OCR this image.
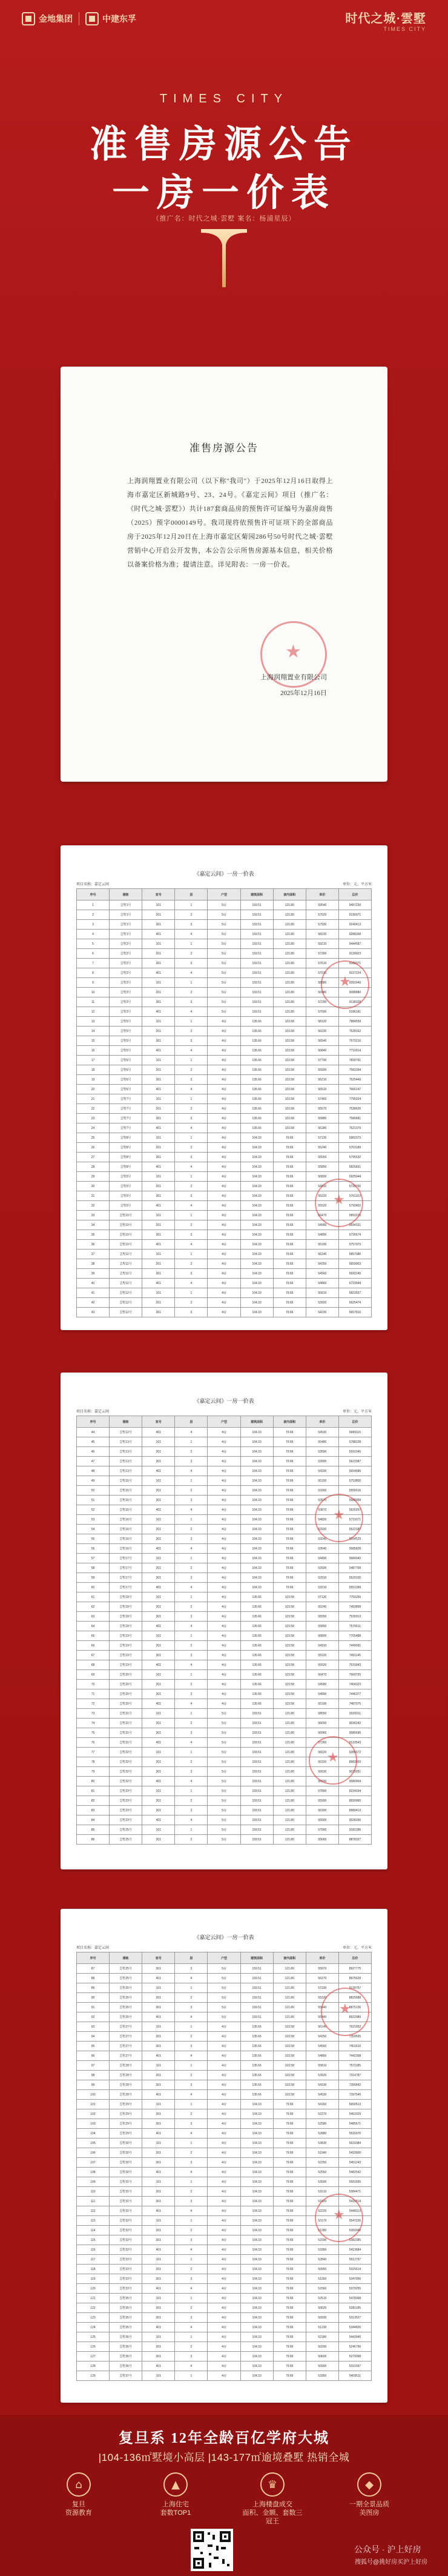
金地集团	中建东孚	时代之城·雲墅
TIMES CITY
TIMES CITY
准售房源公告
一房一价表
（推广名：时代之城·雲墅 案名：杨浦星辰）
准售房源公告
上海润翔置业有限公司（以下称"我司"）于2025年12月16日取得上海市嘉定区新城路9号、23、24号。《嘉定云间》项目（推广名：《时代之城·雲墅》）共计187套商品房的预售许可证编号为嘉房商售（2025）预字0000149号。我司现将依预售许可证项下的全部商品房于2025年12月20日在上海市嘉定区菊园286号50号时代之城·雲墅营销中心开启公开发售，本公告公示所售房源基本信息，相关价格以备案价格为准；提请注意。详见附表：一房一价表。
★
上海润翔置业有限公司
2025年12月16日
《嘉定云间》一房一价表
项目名称：嘉定云间	单位：元、平方米
序号	楼栋	室号	层	户型	建筑面积	套内面积	单价	总价
1	雲墅1号	101	1	5房	159.51	121.80	59540	9497230
2	雲墅1号	201	2	5房	159.51	121.80	57620	9190971
3	雲墅1号	301	3	5房	159.51	121.80	57930	9240413
4	雲墅1号	401	4	5房	159.51	121.80	58230	9288268
5	雲墅2号	101	1	5房	159.51	121.80	59210	9444587
6	雲墅2号	201	2	5房	159.51	121.80	57300	9139923
7	雲墅2号	301	3	5房	159.51	121.80	57610	9189371
8	雲墅2号	401	4	5房	159.51	121.80	57910	9237224
9	雲墅3号	101	1	5房	159.51	121.80	58880	9391949
10	雲墅3号	201	2	5房	159.51	121.80	56980	9088880
11	雲墅3号	301	3	5房	159.51	121.80	57290	9138328
12	雲墅3号	401	4	5房	159.51	121.80	57590	9186181
13	雲墅5号	101	1	4房	135.66	103.58	58120	7884559
14	雲墅5号	201	2	4房	135.66	103.58	56230	7628162
15	雲墅5号	301	3	4房	135.66	103.58	56540	7670216
16	雲墅5号	401	4	4房	135.66	103.58	56840	7710914
17	雲墅6号	101	1	4房	135.66	103.58	57790	7839791
18	雲墅6号	201	2	4房	135.66	103.58	55900	7583394
19	雲墅6号	301	3	4房	135.66	103.58	56210	7625449
20	雲墅6号	401	4	4房	135.66	103.58	56510	7666147
21	雲墅7号	101	1	4房	135.66	103.58	57460	7795024
22	雲墅7号	201	2	4房	135.66	103.58	55570	7538626
23	雲墅7号	301	3	4房	135.66	103.58	55880	7580681
24	雲墅7号	401	4	4房	135.66	103.58	56180	7621379
25	雲墅8号	101	1	4房	104.33	79.66	57130	5960373
26	雲墅8号	201	2	4房	104.33	79.66	55240	5763189
27	雲墅8号	301	3	4房	104.33	79.66	55550	5795532
28	雲墅8号	401	4	4房	104.33	79.66	55850	5826831
29	雲墅9号	101	1	4房	104.33	79.66	56800	5925944
30	雲墅9号	201	2	4房	104.33	79.66	54910	5728760
31	雲墅9号	301	3	4房	104.33	79.66	55220	5761103
32	雲墅9号	401	4	4房	104.33	79.66	55520	5792402
33	雲墅10号	101	1	4房	104.33	79.66	56470	5891515
34	雲墅10号	201	2	4房	104.33	79.66	54580	5694331
35	雲墅10号	301	3	4房	104.33	79.66	54890	5726674
36	雲墅10号	401	4	4房	104.33	79.66	55190	5757973
37	雲墅11号	101	1	4房	104.33	79.66	56140	5857086
38	雲墅11号	201	2	4房	104.33	79.66	54250	5659903
39	雲墅11号	301	3	4房	104.33	79.66	54560	5692245
40	雲墅11号	401	4	4房	104.33	79.66	54860	5723544
41	雲墅12号	101	1	4房	104.33	79.66	55810	5822657
42	雲墅12号	201	2	4房	104.33	79.66	53920	5625474
43	雲墅12号	301	3	4房	104.33	79.66	54230	5657816
★
★
《嘉定云间》一房一价表
项目名称：嘉定云间	单位：元、平方米
序号	楼栋	室号	层	户型	建筑面积	套内面积	单价	总价
44	雲墅12号	401	4	4房	104.33	79.66	54530	5689115
45	雲墅13号	101	1	4房	104.33	79.66	55480	5788228
46	雲墅13号	201	2	4房	104.33	79.66	53590	5591045
47	雲墅13号	301	3	4房	104.33	79.66	53900	5623387
48	雲墅13号	401	4	4房	104.33	79.66	54200	5654686
49	雲墅15号	101	1	4房	104.33	79.66	55150	5753800
50	雲墅15号	201	2	4房	104.33	79.66	53260	5556616
51	雲墅15号	301	3	4房	104.33	79.66	53570	5588958
52	雲墅15号	401	4	4房	104.33	79.66	53870	5620257
53	雲墅16号	101	1	4房	104.33	79.66	54820	5719371
54	雲墅16号	201	2	4房	104.33	79.66	52930	5522187
55	雲墅16号	301	3	4房	104.33	79.66	53240	5554529
56	雲墅16号	401	4	4房	104.33	79.66	53540	5585828
57	雲墅17号	101	1	4房	104.33	79.66	54490	5684942
58	雲墅17号	201	2	4房	104.33	79.66	52600	5487758
59	雲墅17号	301	3	4房	104.33	79.66	52910	5520100
60	雲墅17号	401	4	4房	104.33	79.66	53210	5551399
61	雲墅18号	101	1	4房	135.66	103.58	57130	7750256
62	雲墅18号	201	2	4房	135.66	103.58	55240	7493858
63	雲墅18号	301	3	4房	135.66	103.58	55550	7535913
64	雲墅18号	401	4	4房	135.66	103.58	55850	7576611
65	雲墅19号	101	1	4房	135.66	103.58	56800	7705488
66	雲墅19号	201	2	4房	135.66	103.58	54910	7449091
67	雲墅19号	301	3	4房	135.66	103.58	55220	7491145
68	雲墅19号	401	4	4房	135.66	103.58	55520	7531843
69	雲墅20号	101	1	4房	135.66	103.58	56470	7660720
70	雲墅20号	201	2	4房	135.66	103.58	54580	7404323
71	雲墅20号	301	3	4房	135.66	103.58	54890	7446377
72	雲墅20号	401	4	4房	135.66	103.58	55190	7487075
73	雲墅21号	101	1	5房	159.51	121.80	58550	9339311
74	雲墅21号	201	2	5房	159.51	121.80	56650	9036242
75	雲墅21号	301	3	5房	159.51	121.80	56960	9085690
76	雲墅21号	401	4	5房	159.51	121.80	57260	9133543
77	雲墅22号	101	1	5房	159.51	121.80	58220	9286672
78	雲墅22号	201	2	5房	159.51	121.80	56320	8983603
79	雲墅22号	301	3	5房	159.51	121.80	56630	9033051
80	雲墅22号	401	4	5房	159.51	121.80	56930	9080904
81	雲墅23号	101	1	5房	159.51	121.80	57890	9234034
82	雲墅23号	201	2	5房	159.51	121.80	55990	8930965
83	雲墅23号	301	3	5房	159.51	121.80	56300	8980413
84	雲墅23号	401	4	5房	159.51	121.80	56600	9028266
85	雲墅25号	101	1	5房	159.51	121.80	57560	9181396
86	雲墅25号	201	2	5房	159.51	121.80	55660	8878327
★
★
《嘉定云间》一房一价表
项目名称：嘉定云间	单位：元、平方米
序号	楼栋	室号	层	户型	建筑面积	套内面积	单价	总价
87	雲墅25号	301	3	5房	159.51	121.80	55970	8927775
88	雲墅25号	401	4	5房	159.51	121.80	56270	8975628
89	雲墅26号	101	1	5房	159.51	121.80	57230	9128757
90	雲墅26号	201	2	5房	159.51	121.80	55330	8825688
91	雲墅26号	301	3	5房	159.51	121.80	55640	8875136
92	雲墅26号	401	4	5房	159.51	121.80	55940	8922989
93	雲墅27号	101	1	4房	135.66	103.58	56140	7615952
94	雲墅27号	201	2	4房	135.66	103.58	54250	7359555
95	雲墅27号	301	3	4房	135.66	103.58	54560	7401610
96	雲墅27号	401	4	4房	135.66	103.58	54860	7442308
97	雲墅28号	101	1	4房	135.66	103.58	55810	7571185
98	雲墅28号	201	2	4房	135.66	103.58	53920	7314787
99	雲墅28号	301	3	4房	135.66	103.58	54230	7356842
100	雲墅28号	401	4	4房	135.66	103.58	54530	7397540
101	雲墅29号	101	1	4房	104.33	79.66	54160	5650513
102	雲墅29号	201	2	4房	104.33	79.66	52270	5453329
103	雲墅29号	301	3	4房	104.33	79.66	52580	5485671
104	雲墅29号	401	4	4房	104.33	79.66	52880	5516970
105	雲墅30号	101	1	4房	104.33	79.66	53830	5616084
106	雲墅30号	201	2	4房	104.33	79.66	51940	5418900
107	雲墅30号	301	3	4房	104.33	79.66	52250	5451243
108	雲墅30号	401	4	4房	104.33	79.66	52550	5482542
109	雲墅31号	101	1	4房	104.33	79.66	53500	5581655
110	雲墅31号	201	2	4房	104.33	79.66	51610	5384471
111	雲墅31号	301	3	4房	104.33	79.66	51920	5416814
112	雲墅31号	401	4	4房	104.33	79.66	52220	5448113
113	雲墅32号	101	1	4房	104.33	79.66	53170	5547226
114	雲墅32号	201	2	4房	104.33	79.66	51280	5350042
115	雲墅32号	301	3	4房	104.33	79.66	51590	5382385
116	雲墅32号	401	4	4房	104.33	79.66	51890	5413684
117	雲墅33号	101	1	4房	104.33	79.66	52840	5512797
118	雲墅33号	201	2	4房	104.33	79.66	50950	5315614
119	雲墅33号	301	3	4房	104.33	79.66	51260	5347956
120	雲墅33号	401	4	4房	104.33	79.66	51560	5379255
121	雲墅35号	101	1	4房	104.33	79.66	52510	5478368
122	雲墅35号	201	2	4房	104.33	79.66	50620	5281185
123	雲墅35号	301	3	4房	104.33	79.66	50930	5313527
124	雲墅35号	401	4	4房	104.33	79.66	51230	5344826
125	雲墅36号	101	1	4房	104.33	79.66	52180	5443940
126	雲墅36号	201	2	4房	104.33	79.66	50290	5246756
127	雲墅36号	301	3	4房	104.33	79.66	50600	5279098
128	雲墅36号	401	4	4房	104.33	79.66	50900	5310397
129	雲墅37号	101	1	4房	104.33	79.66	51850	5409511
★
★
复旦系 12年全龄百亿学府大城
|104-136㎡墅境小高层 |143-177㎡逾境叠墅 热销全城
⌂
复旦
资源教育
▲
上海住宅
套数TOP1
♛
上海楼盘成交
面积、金额、套数三冠王
◆
一期全景品质
美图房
公众号 · 沪上好房
搜狐号@挑好房买沪上好房
